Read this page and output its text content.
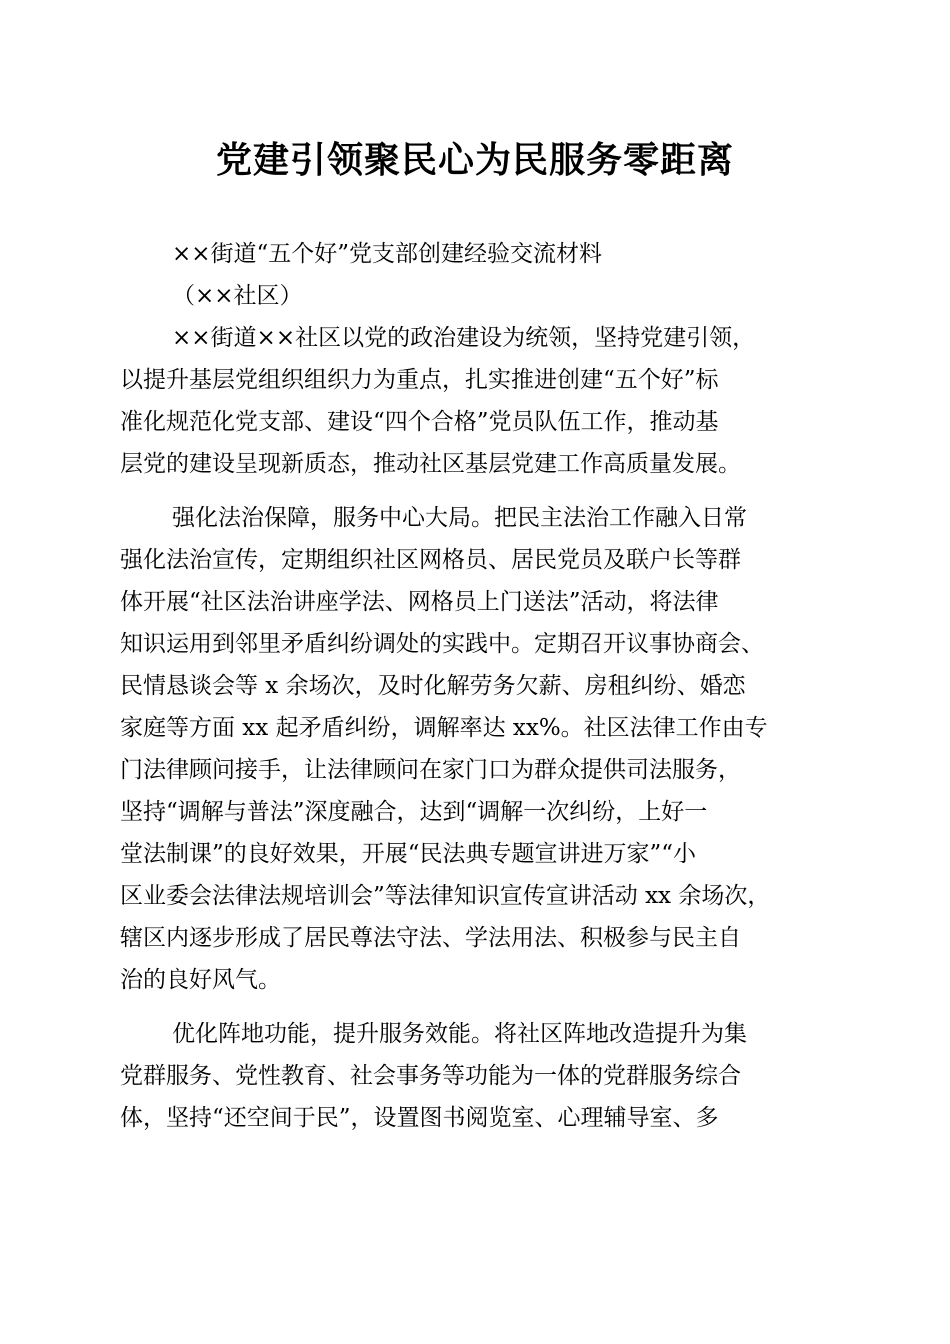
党建引领聚民心为民服务零距离

××街道“五个好”党支部创建经验交流材料

（××社区）

××街道××社区以党的政治建设为统领，坚持党建引领，

以提升基层党组织组织力为重点，扎实推进创建“五个好”标

准化规范化党支部、建设“四个合格”党员队伍工作，推动基

层党的建设呈现新质态，推动社区基层党建工作高质量发展。

强化法治保障，服务中心大局。把民主法治工作融入日常

强化法治宣传，定期组织社区网格员、居民党员及联户长等群

体开展“社区法治讲座学法、网格员上门送法”活动，将法律

知识运用到邻里矛盾纠纷调处的实践中。定期召开议事协商会、

民情恳谈会等 x 余场次，及时化解劳务欠薪、房租纠纷、婚恋

家庭等方面 xx 起矛盾纠纷，调解率达 xx%。社区法律工作由专

门法律顾问接手，让法律顾问在家门口为群众提供司法服务，

坚持“调解与普法”深度融合，达到“调解一次纠纷，上好一

堂法制课”的良好效果，开展“民法典专题宣讲进万家”“小

区业委会法律法规培训会”等法律知识宣传宣讲活动 xx 余场次，

辖区内逐步形成了居民尊法守法、学法用法、积极参与民主自

治的良好风气。

优化阵地功能，提升服务效能。将社区阵地改造提升为集

党群服务、党性教育、社会事务等功能为一体的党群服务综合

体，坚持“还空间于民”，设置图书阅览室、心理辅导室、多
